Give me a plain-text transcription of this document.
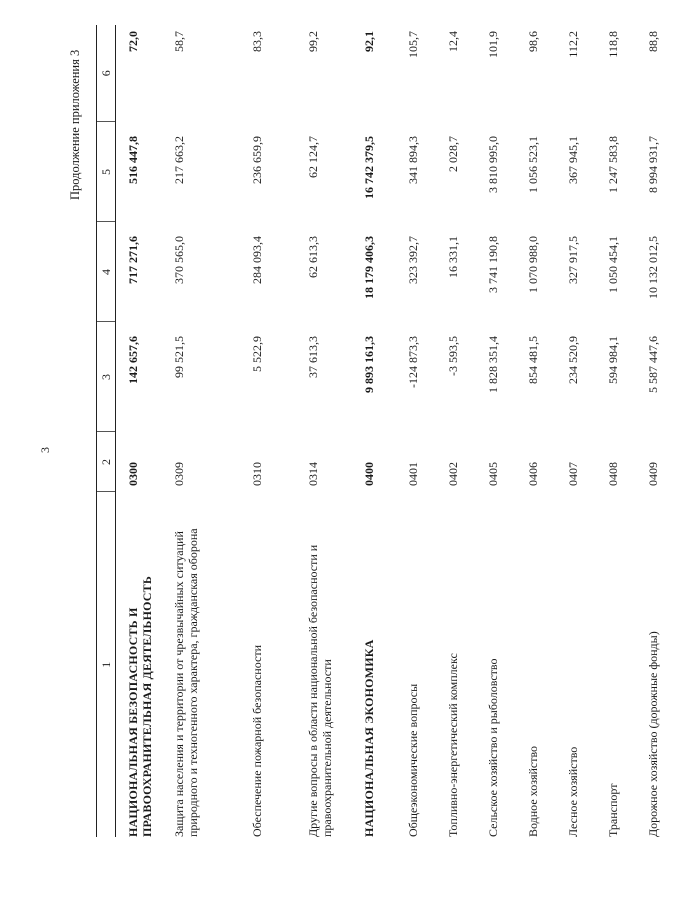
3
Продолжение приложения 3
1	2	3	4	5	6
НАЦИОНАЛЬНАЯ БЕЗОПАСНОСТЬ И ПРАВООХРАНИТЕЛЬНАЯ ДЕЯТЕЛЬНОСТЬ	0300	142 657,6	717 271,6	516 447,8	72,0
Защита населения и территории от чрезвычайных ситуаций природного и техногенного характера, гражданская оборона	0309	99 521,5	370 565,0	217 663,2	58,7
Обеспечение пожарной безопасности	0310	5 522,9	284 093,4	236 659,9	83,3
Другие вопросы в области национальной безопасности и правоохранительной деятельности	0314	37 613,3	62 613,3	62 124,7	99,2
НАЦИОНАЛЬНАЯ ЭКОНОМИКА	0400	9 893 161,3	18 179 406,3	16 742 379,5	92,1
Общеэкономические вопросы	0401	-124 873,3	323 392,7	341 894,3	105,7
Топливно-энергетический комплекс	0402	-3 593,5	16 331,1	2 028,7	12,4
Сельское хозяйство и рыболовство	0405	1 828 351,4	3 741 190,8	3 810 995,0	101,9
Водное хозяйство	0406	854 481,5	1 070 988,0	1 056 523,1	98,6
Лесное хозяйство	0407	234 520,9	327 917,5	367 945,1	112,2
Транспорт	0408	594 984,1	1 050 454,1	1 247 583,8	118,8
Дорожное хозяйство (дорожные фонды)	0409	5 587 447,6	10 132 012,5	8 994 931,7	88,8
